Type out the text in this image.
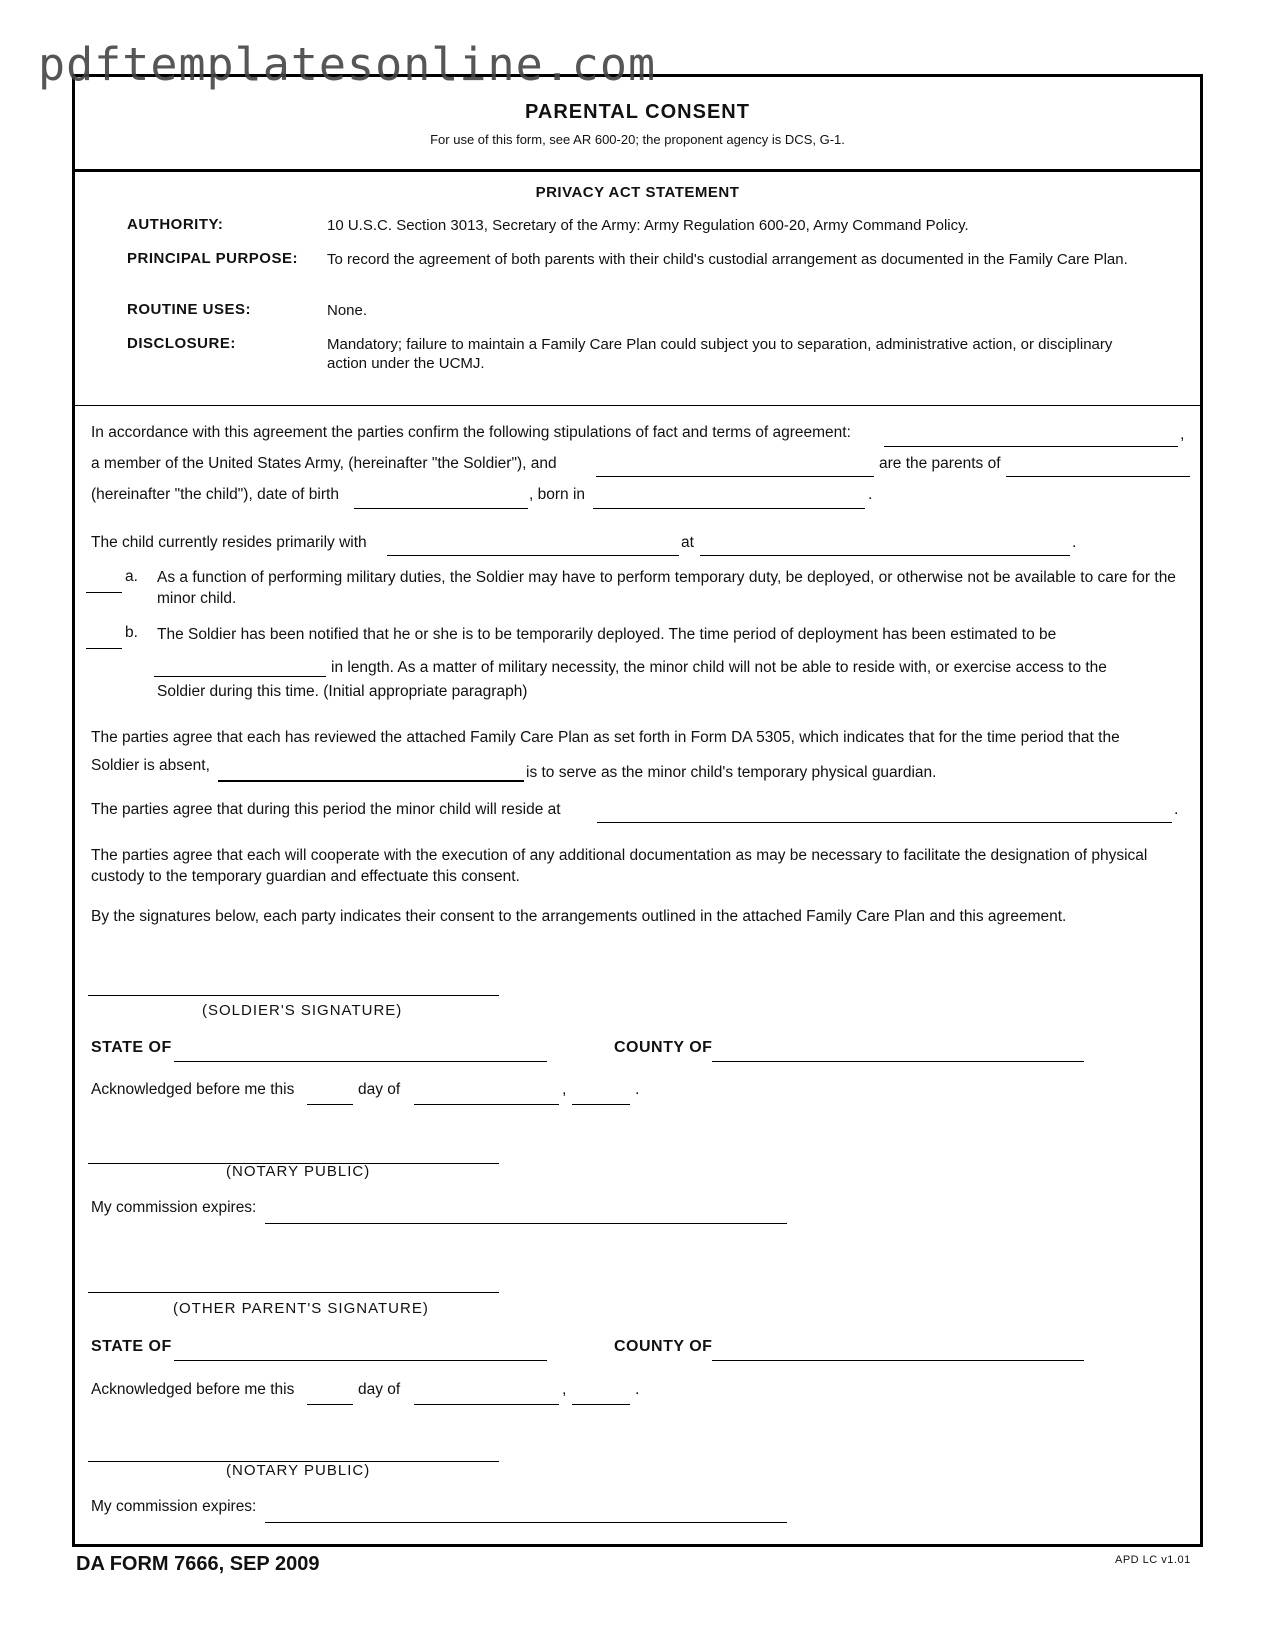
pdftemplatesonline.com
PARENTAL CONSENT
For use of this form, see AR 600-20; the proponent agency is DCS, G-1.
PRIVACY ACT STATEMENT
AUTHORITY:	10 U.S.C. Section 3013, Secretary of the Army: Army Regulation 600-20, Army Command Policy.
PRINCIPAL PURPOSE: To record the agreement of both parents with their child's custodial arrangement as documented in the Family Care Plan.
ROUTINE USES:	None.
DISCLOSURE:	Mandatory; failure to maintain a Family Care Plan could subject you to separation, administrative action, or disciplinary action under the UCMJ.
In accordance with this agreement the parties confirm the following stipulations of fact and terms of agreement:	,
a member of the United States Army, (hereinafter "the Soldier"), and	are the parents of
(hereinafter "the child"), date of birth	, born in	.
The child currently resides primarily with	at	.
a. As a function of performing military duties, the Soldier may have to perform temporary duty, be deployed, or otherwise not be available to care for the minor child.
b. The Soldier has been notified that he or she is to be temporarily deployed. The time period of deployment has been estimated to be
in length. As a matter of military necessity, the minor child will not be able to reside with, or exercise access to the
Soldier during this time. (Initial appropriate paragraph)
The parties agree that each has reviewed the attached Family Care Plan as set forth in Form DA 5305, which indicates that for the time period that the
Soldier is absent,	is to serve as the minor child's temporary physical guardian.
The parties agree that during this period the minor child will reside at	.
The parties agree that each will cooperate with the execution of any additional documentation as may be necessary to facilitate the designation of physical custody to the temporary guardian and effectuate this consent.
By the signatures below, each party indicates their consent to the arrangements outlined in the attached Family Care Plan and this agreement.
(SOLDIER'S SIGNATURE)
STATE OF	COUNTY OF
Acknowledged before me this	day of	,	.
(NOTARY PUBLIC)
My commission expires:
(OTHER PARENT'S SIGNATURE)
STATE OF	COUNTY OF
Acknowledged before me this	day of	,	.
(NOTARY PUBLIC)
My commission expires:
DA FORM 7666, SEP 2009	APD LC v1.01
